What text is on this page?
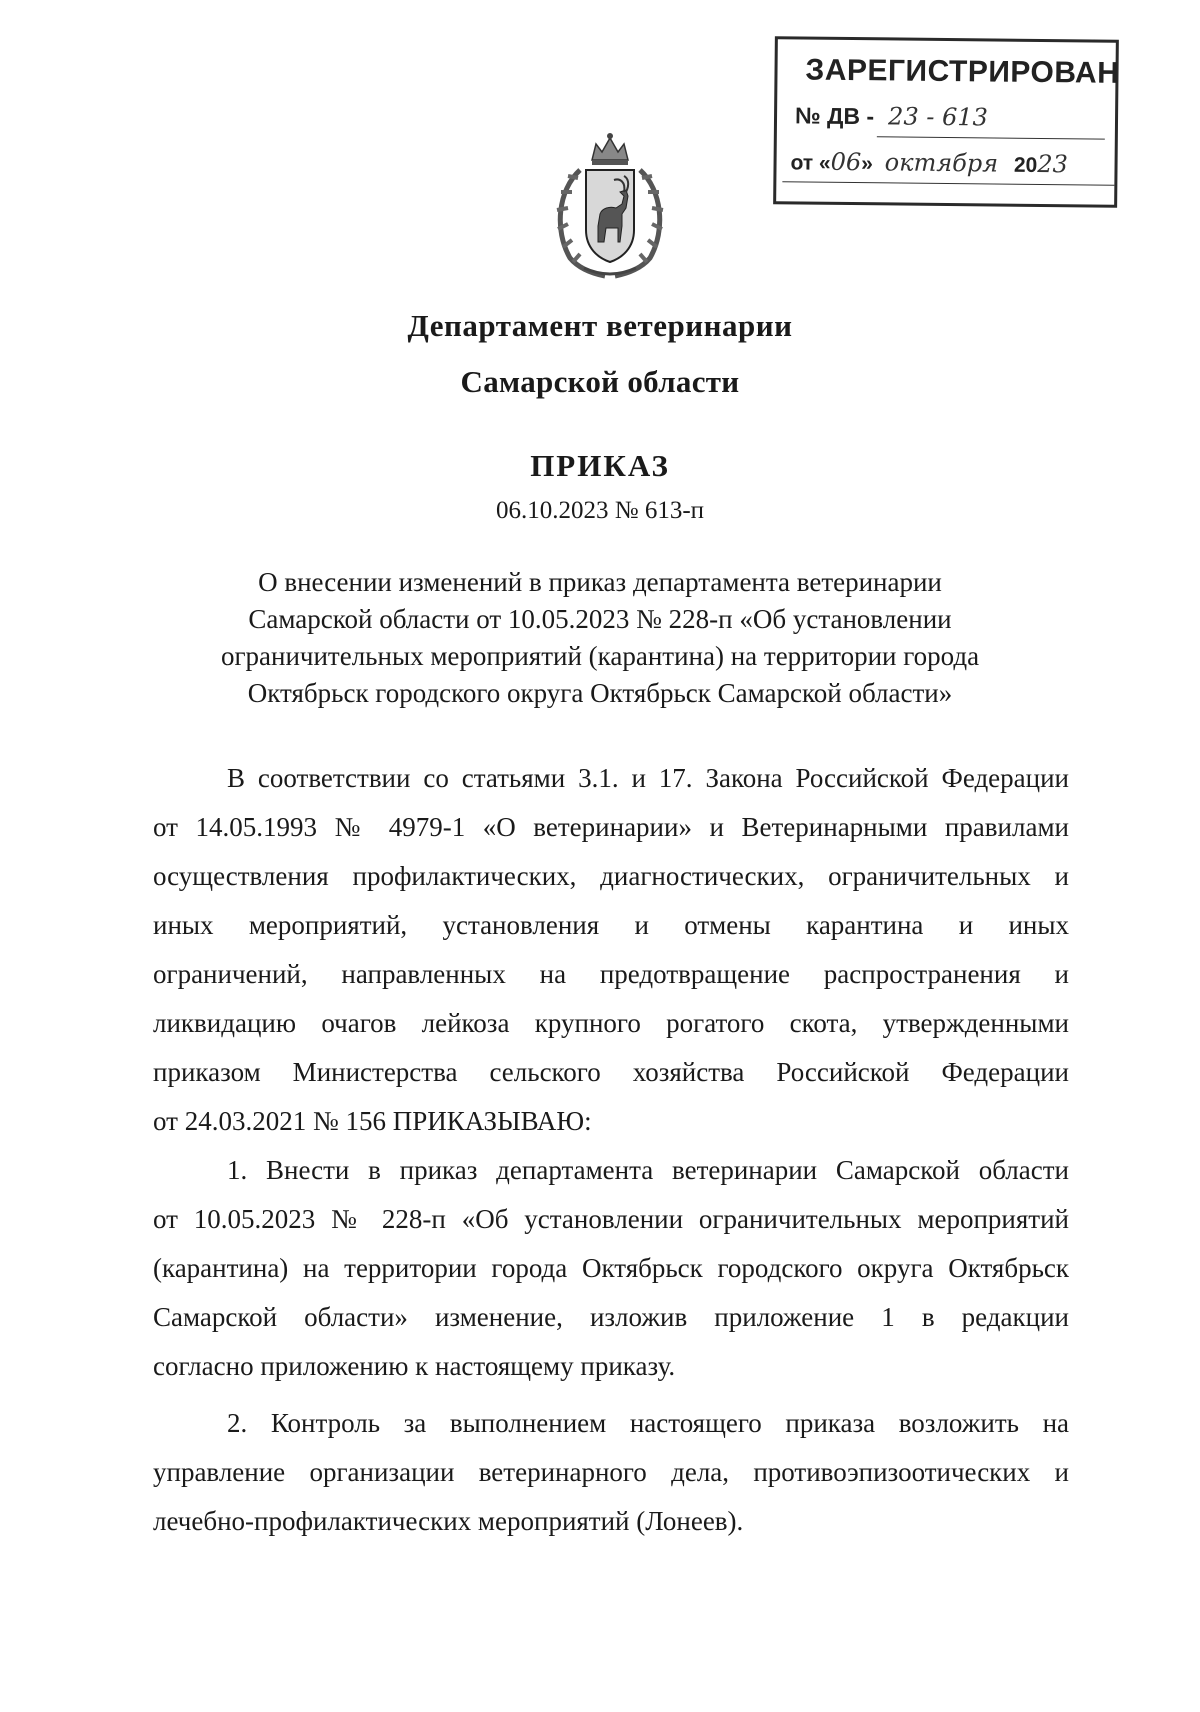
ЗАРЕГИСТРИРОВАН
№ ДВ - 23 - 613
от «06» октября 2023
Департамент ветеринарии
Самарской области
ПРИКАЗ
06.10.2023 № 613-п
О внесении изменений в приказ департамента ветеринарии
Самарской области от 10.05.2023 № 228-п «Об установлении
ограничительных мероприятий (карантина) на территории города
Октябрьск городского округа Октябрьск Самарской области»
В соответствии со статьями 3.1. и 17. Закона Российской Федерации
от 14.05.1993 № 4979-1 «О ветеринарии» и Ветеринарными правилами
осуществления профилактических, диагностических, ограничительных и
иных мероприятий, установления и отмены карантина и иных
ограничений, направленных на предотвращение распространения и
ликвидацию очагов лейкоза крупного рогатого скота, утвержденными
приказом Министерства сельского хозяйства Российской Федерации
от 24.03.2021 № 156 ПРИКАЗЫВАЮ:
1. Внести в приказ департамента ветеринарии Самарской области
от 10.05.2023 № 228-п «Об установлении ограничительных мероприятий
(карантина) на территории города Октябрьск городского округа Октябрьск
Самарской области» изменение, изложив приложение 1 в редакции
согласно приложению к настоящему приказу.
2. Контроль за выполнением настоящего приказа возложить на
управление организации ветеринарного дела, противоэпизоотических и
лечебно-профилактических мероприятий (Лонеев).
